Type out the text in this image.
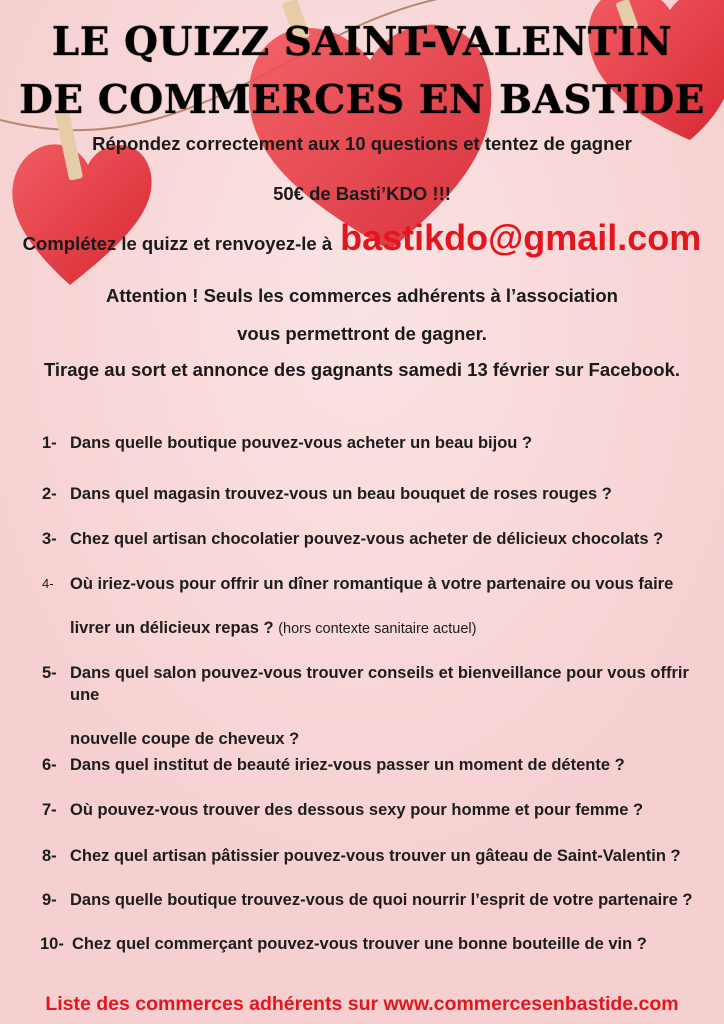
LE QUIZZ SAINT-VALENTIN
DE COMMERCES EN BASTIDE
Répondez correctement aux 10 questions et tentez de gagner
50€ de Basti’KDO !!!
Complétez le quizz et renvoyez-le à bastikdo@gmail.com
Attention ! Seuls les commerces adhérents à l’association
vous permettront de gagner.
Tirage au sort et annonce des gagnants samedi 13 février sur Facebook.
1- Dans quelle boutique pouvez-vous acheter un beau bijou ?
2- Dans quel magasin trouvez-vous un beau bouquet de roses rouges ?
3- Chez quel artisan chocolatier pouvez-vous acheter de délicieux chocolats ?
4- Où iriez-vous pour offrir un dîner romantique à votre partenaire ou vous faire
livrer un délicieux repas ? (hors contexte sanitaire actuel)
5- Dans quel salon pouvez-vous trouver conseils et bienveillance pour vous offrir une
nouvelle coupe de cheveux ?
6- Dans quel institut de beauté iriez-vous passer un moment de détente ?
7- Où pouvez-vous trouver des dessous sexy pour homme et pour femme ?
8- Chez quel artisan pâtissier pouvez-vous trouver un gâteau de Saint-Valentin ?
9- Dans quelle boutique trouvez-vous de quoi nourrir l’esprit de votre partenaire ?
10- Chez quel commerçant pouvez-vous trouver une bonne bouteille de vin ?
Liste des commerces adhérents sur www.commercesenbastide.com
